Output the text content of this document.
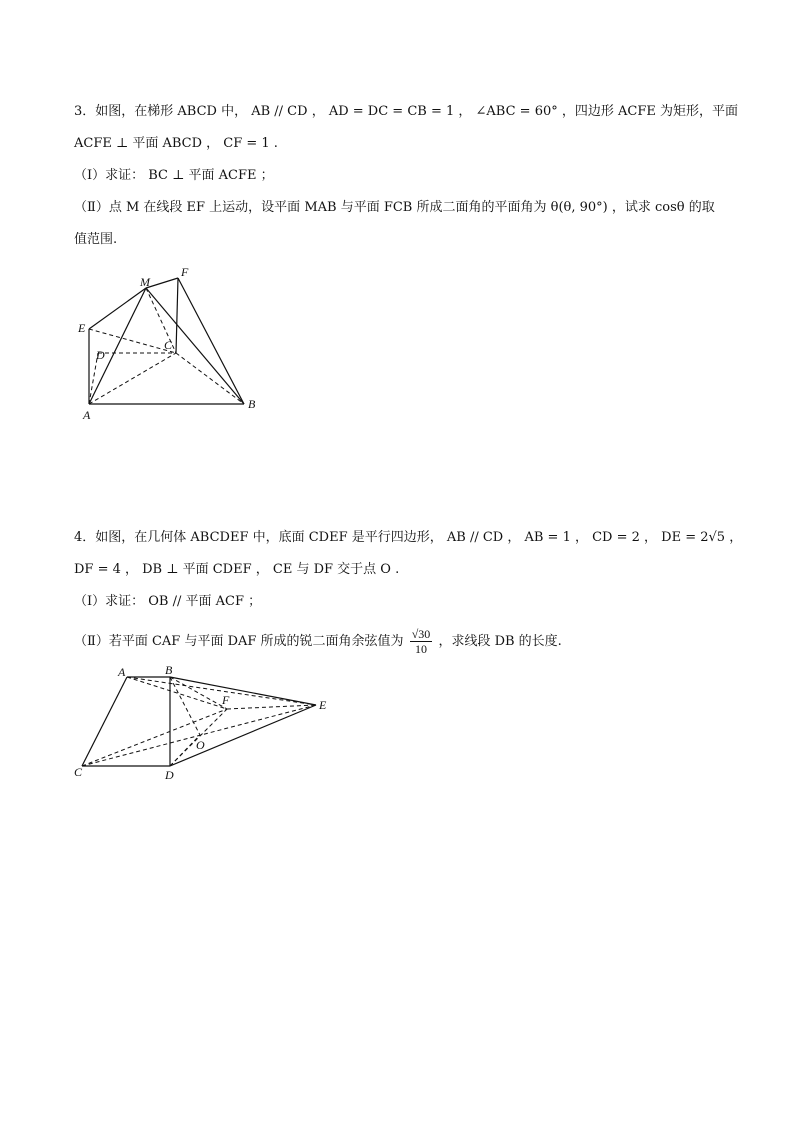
3．如图，在梯形 ABCD 中， AB // CD ， AD = DC = CB = 1 ， ∠ABC = 60° ，四边形 ACFE 为矩形，平面
ACFE ⊥ 平面 ABCD ， CF = 1 .
（Ⅰ）求证： BC ⊥ 平面 ACFE ；
（Ⅱ）点 M 在线段 EF 上运动，设平面 MAB 与平面 FCB 所成二面角的平面角为 θ(θ, 90°) ，试求 cosθ 的取
值范围.
E
M
F
D
C
A
B
4．如图，在几何体 ABCDEF 中，底面 CDEF 是平行四边形， AB // CD ， AB = 1 ， CD = 2 ， DE = 2√5 ，
DF = 4 ， DB ⊥ 平面 CDEF ， CE 与 DF 交于点 O .
（Ⅰ）求证： OB // 平面 ACF ；
（Ⅱ）若平面 CAF 与平面 DAF 所成的锐二面角余弦值为 $\frac{√30}{10}$ ，求线段 DB 的长度.
A	B
F	E
O
C	D
